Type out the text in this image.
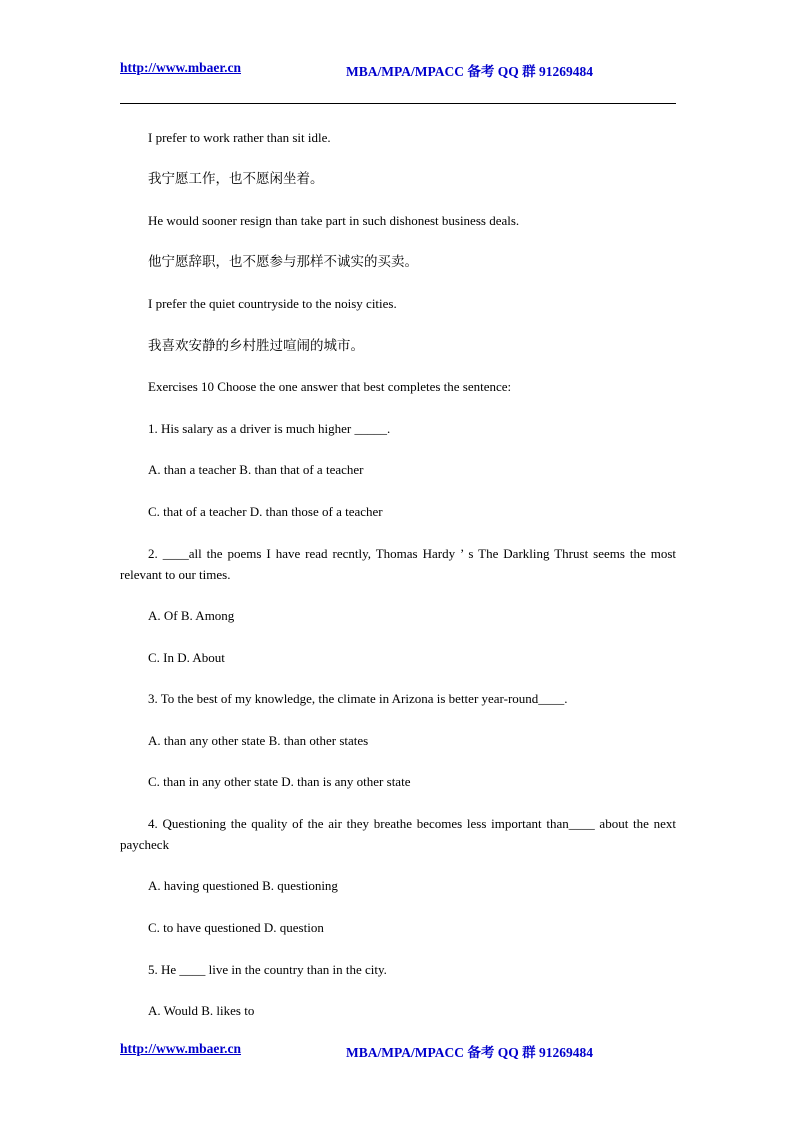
http://www.mbaer.cn	MBA/MPA/MPACC 备考 QQ 群 91269484
I prefer to work rather than sit idle.
我宁愿工作，也不愿闲坐着。
He would sooner resign than take part in such dishonest business deals.
他宁愿辞职，也不愿参与那样不诚实的买卖。
I prefer the quiet countryside to the noisy cities.
我喜欢安静的乡村胜过喧闹的城市。
Exercises 10 Choose the one answer that best completes the sentence:
1. His salary as a driver is much higher _____.
A. than a teacher B. than that of a teacher
C. that of a teacher D. than those of a teacher
2. ____all the poems I have read recntly, Thomas Hardy ’ s The Darkling Thrust seems the most relevant to our times.
A. Of B. Among
C. In D. About
3. To the best of my knowledge, the climate in Arizona is better year-round____.
A. than any other state B. than other states
C. than in any other state D. than is any other state
4. Questioning the quality of the air they breathe becomes less important than____ about the next paycheck
A. having questioned B. questioning
C. to have questioned D. question
5. He ____ live in the country than in the city.
A. Would B. likes to
http://www.mbaer.cn	MBA/MPA/MPACC 备考 QQ 群 91269484
